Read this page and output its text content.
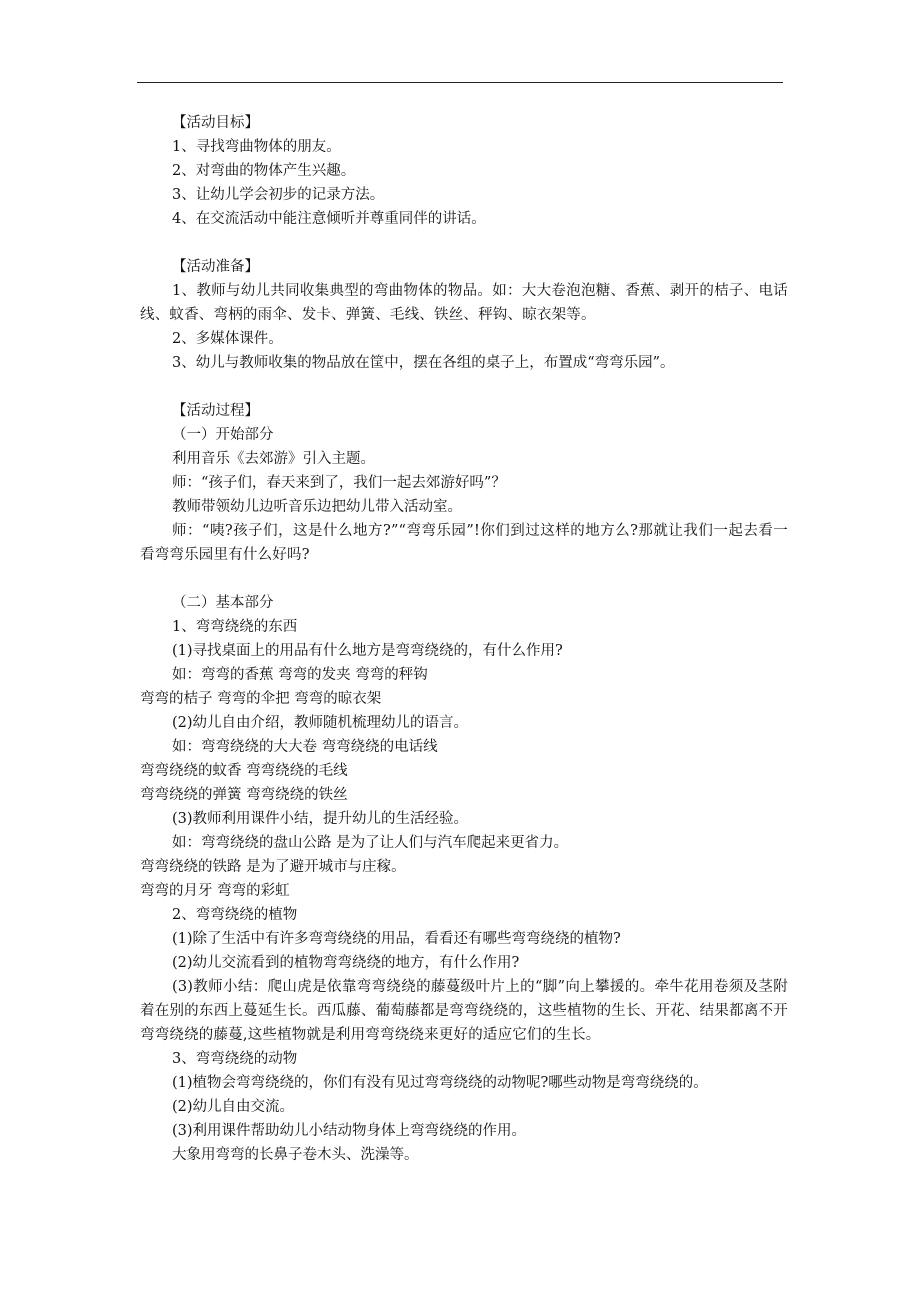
【活动目标】

1、寻找弯曲物体的朋友。

2、对弯曲的物体产生兴趣。

3、让幼儿学会初步的记录方法。

4、在交流活动中能注意倾听并尊重同伴的讲话。

【活动准备】

1、教师与幼儿共同收集典型的弯曲物体的物品。如：大大卷泡泡糖、香蕉、剥开的桔子、电话线、蚊香、弯柄的雨伞、发卡、弹簧、毛线、铁丝、秤钩、晾衣架等。

2、多媒体课件。

3、幼儿与教师收集的物品放在筐中，摆在各组的桌子上，布置成“弯弯乐园”。

【活动过程】

（一）开始部分

利用音乐《去郊游》引入主题。

师：“孩子们，春天来到了，我们一起去郊游好吗”？

教师带领幼儿边听音乐边把幼儿带入活动室。

师：“咦?孩子们，这是什么地方?”“弯弯乐园”!你们到过这样的地方么?那就让我们一起去看一看弯弯乐园里有什么好吗?

（二）基本部分

1、弯弯绕绕的东西

(1)寻找桌面上的用品有什么地方是弯弯绕绕的，有什么作用?

如：弯弯的香蕉 弯弯的发夹 弯弯的秤钩

弯弯的桔子 弯弯的伞把 弯弯的晾衣架

(2)幼儿自由介绍，教师随机梳理幼儿的语言。

如：弯弯绕绕的大大卷 弯弯绕绕的电话线

弯弯绕绕的蚊香 弯弯绕绕的毛线

弯弯绕绕的弹簧 弯弯绕绕的铁丝

(3)教师利用课件小结，提升幼儿的生活经验。

如：弯弯绕绕的盘山公路 是为了让人们与汽车爬起来更省力。

弯弯绕绕的铁路 是为了避开城市与庄稼。

弯弯的月牙 弯弯的彩虹

2、弯弯绕绕的植物

(1)除了生活中有许多弯弯绕绕的用品，看看还有哪些弯弯绕绕的植物?

(2)幼儿交流看到的植物弯弯绕绕的地方，有什么作用?

(3)教师小结：爬山虎是依靠弯弯绕绕的藤蔓级叶片上的“脚”向上攀援的。牵牛花用卷须及茎附着在别的东西上蔓延生长。西瓜藤、葡萄藤都是弯弯绕绕的，这些植物的生长、开花、结果都离不开弯弯绕绕的藤蔓,这些植物就是利用弯弯绕绕来更好的适应它们的生长。

3、弯弯绕绕的动物

(1)植物会弯弯绕绕的，你们有没有见过弯弯绕绕的动物呢?哪些动物是弯弯绕绕的。

(2)幼儿自由交流。

(3)利用课件帮助幼儿小结动物身体上弯弯绕绕的作用。

大象用弯弯的长鼻子卷木头、洗澡等。
